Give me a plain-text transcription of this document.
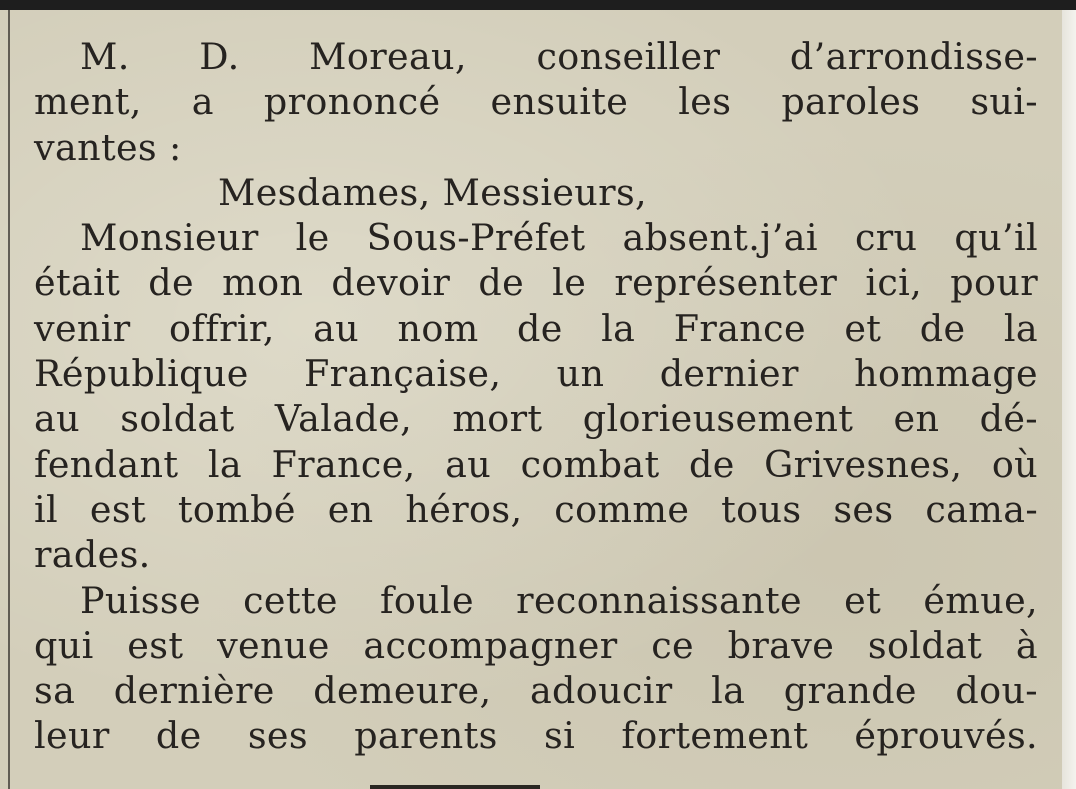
M. D. Moreau, conseiller d’arrondisse-
ment, a prononcé ensuite les paroles sui-
vantes :
Mesdames, Messieurs,
Monsieur le Sous-Préfet absent.j’ai cru qu’il
était de mon devoir de le représenter ici, pour
venir offrir, au nom de la France et de la
République Française, un dernier hommage
au soldat Valade, mort glorieusement en dé-
fendant la France, au combat de Grivesnes, où
il est tombé en héros, comme tous ses cama-
rades.
Puisse cette foule reconnaissante et émue,
qui est venue accompagner ce brave soldat à
sa dernière demeure, adoucir la grande dou-
leur de ses parents si fortement éprouvés.
